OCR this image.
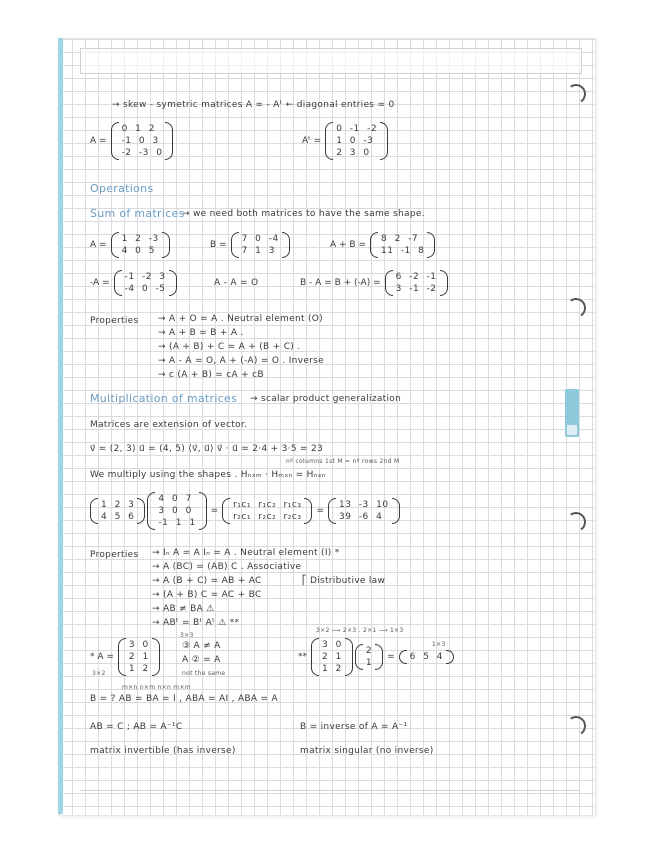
→ skew - symetric matrices A = - Aᵗ ← diagonal entries = 0
A =
0 1 2
-1 0 3
-2 -3 0
Aᵗ =
0 -1 -2
1 0 -3
2 3 0
Operations
Sum of matrices
→ we need both matrices to have the same shape.
A =
1 2 -3
4 0 5
B =
7 0 -4
7 1 3
A + B =
8 2 -7
11 -1 8
-A =
-1 -2 3
-4 0 -5
A - A = O	B - A = B + (-A) =
6 -2 -1
3 -1 -2
Properties → A + O = A . Neutral element (O)
→ A + B = B + A .
→ (A + B) + C = A + (B + C) .
→ A - A = O, A + (-A) = O . Inverse
→ c (A + B) = cA + cB
Multiplication of matrices → scalar product generalization
Matrices are extension of vector.
v⃗ = (2, 3) u⃗ = (4, 5) ⟨v⃗, u⃗⟩ v⃗ · u⃗ = 2·4 + 3·5 = 23
nº columns 1st M = nº rows 2nd M
We multiply using the shapes . Hₙₓₘ · Hₘₓₙ = Hₙₓₙ
1 2 3
4 5 6
4 0 7
3 0 0
-1 1 1
=
r₁c₁ r₁c₂ r₁c₃
r₂c₁ r₂c₂ r₂c₃
=
13 -3 10
39 -6 4
Properties → Iₙ A = A Iₙ = A . Neutral element (I) *
→ A (BC) = (AB) C . Associative
→ A (B + C) = AB + AC
→ (A + B) C = AC + BC
→ AB ≠ BA ⚠
→ ABᵗ = Bᵗ Aᵗ ⚠ **
⎡ Distributive law
3×3
* A =
3 0
2 1
1 2
3×2
③ A ≠ A
A ② = A
not the same
3×2 ⟶ 2×3 . 2×1 ⟶ 1×3
1×3
**
3 0
2 1
1 2
2
1
= 6 5 4
m×n n×m n×n m×m
B = ? AB = BA = I , ABA = AI , ABA = A
AB = C ; A̶B = A⁻¹C	B = inverse of A = A⁻¹
matrix invertible (has inverse)	matrix singular (no inverse)
